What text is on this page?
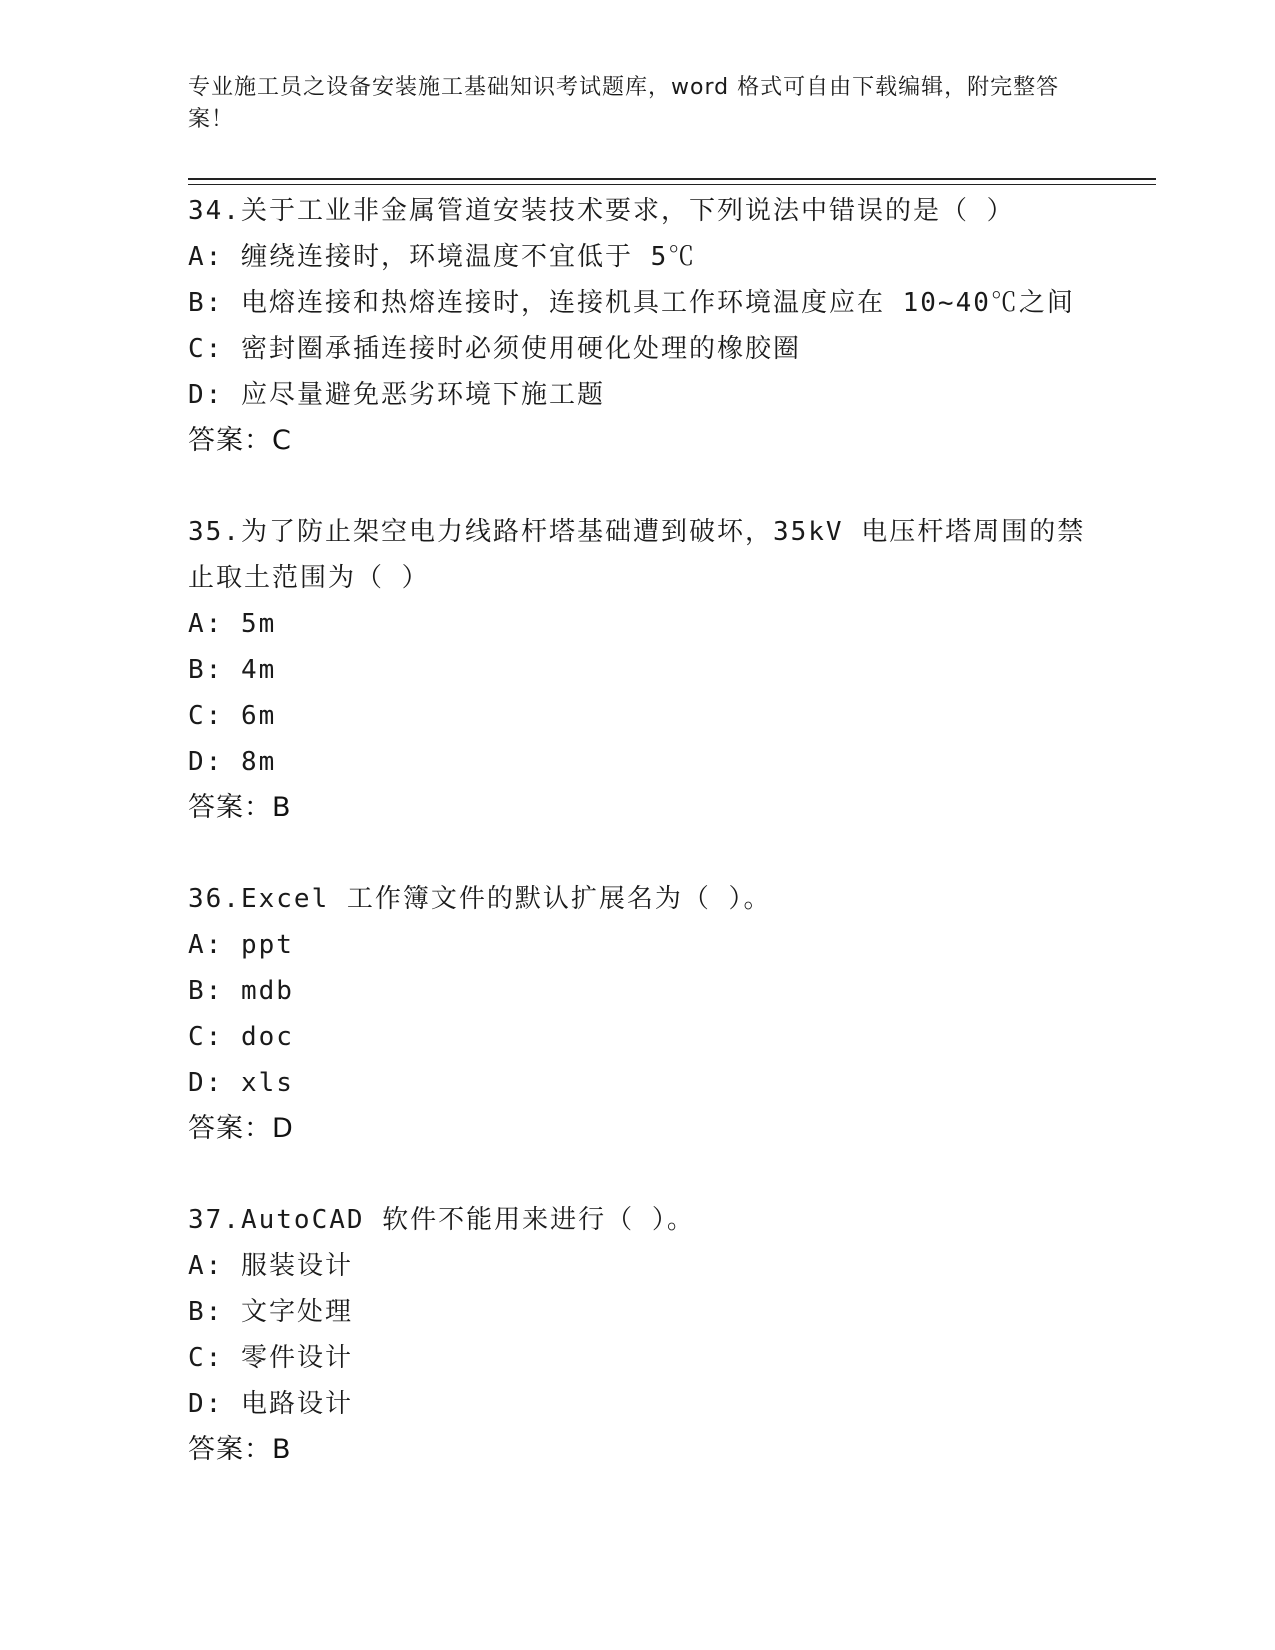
专业施工员之设备安装施工基础知识考试题库，word 格式可自由下载编辑，附完整答案！
34.关于工业非金属管道安装技术要求，下列说法中错误的是（ ）
A: 缠绕连接时，环境温度不宜低于 5℃
B: 电熔连接和热熔连接时，连接机具工作环境温度应在 10~40℃之间
C: 密封圈承插连接时必须使用硬化处理的橡胶圈
D: 应尽量避免恶劣环境下施工题
答案：C
35.为了防止架空电力线路杆塔基础遭到破坏，35kV 电压杆塔周围的禁止取土范围为（ ）
A: 5m
B: 4m
C: 6m
D: 8m
答案：B
36.Excel 工作簿文件的默认扩展名为（ ）。
A: ppt
B: mdb
C: doc
D: xls
答案：D
37.AutoCAD 软件不能用来进行（ ）。
A: 服装设计
B: 文字处理
C: 零件设计
D: 电路设计
答案：B
